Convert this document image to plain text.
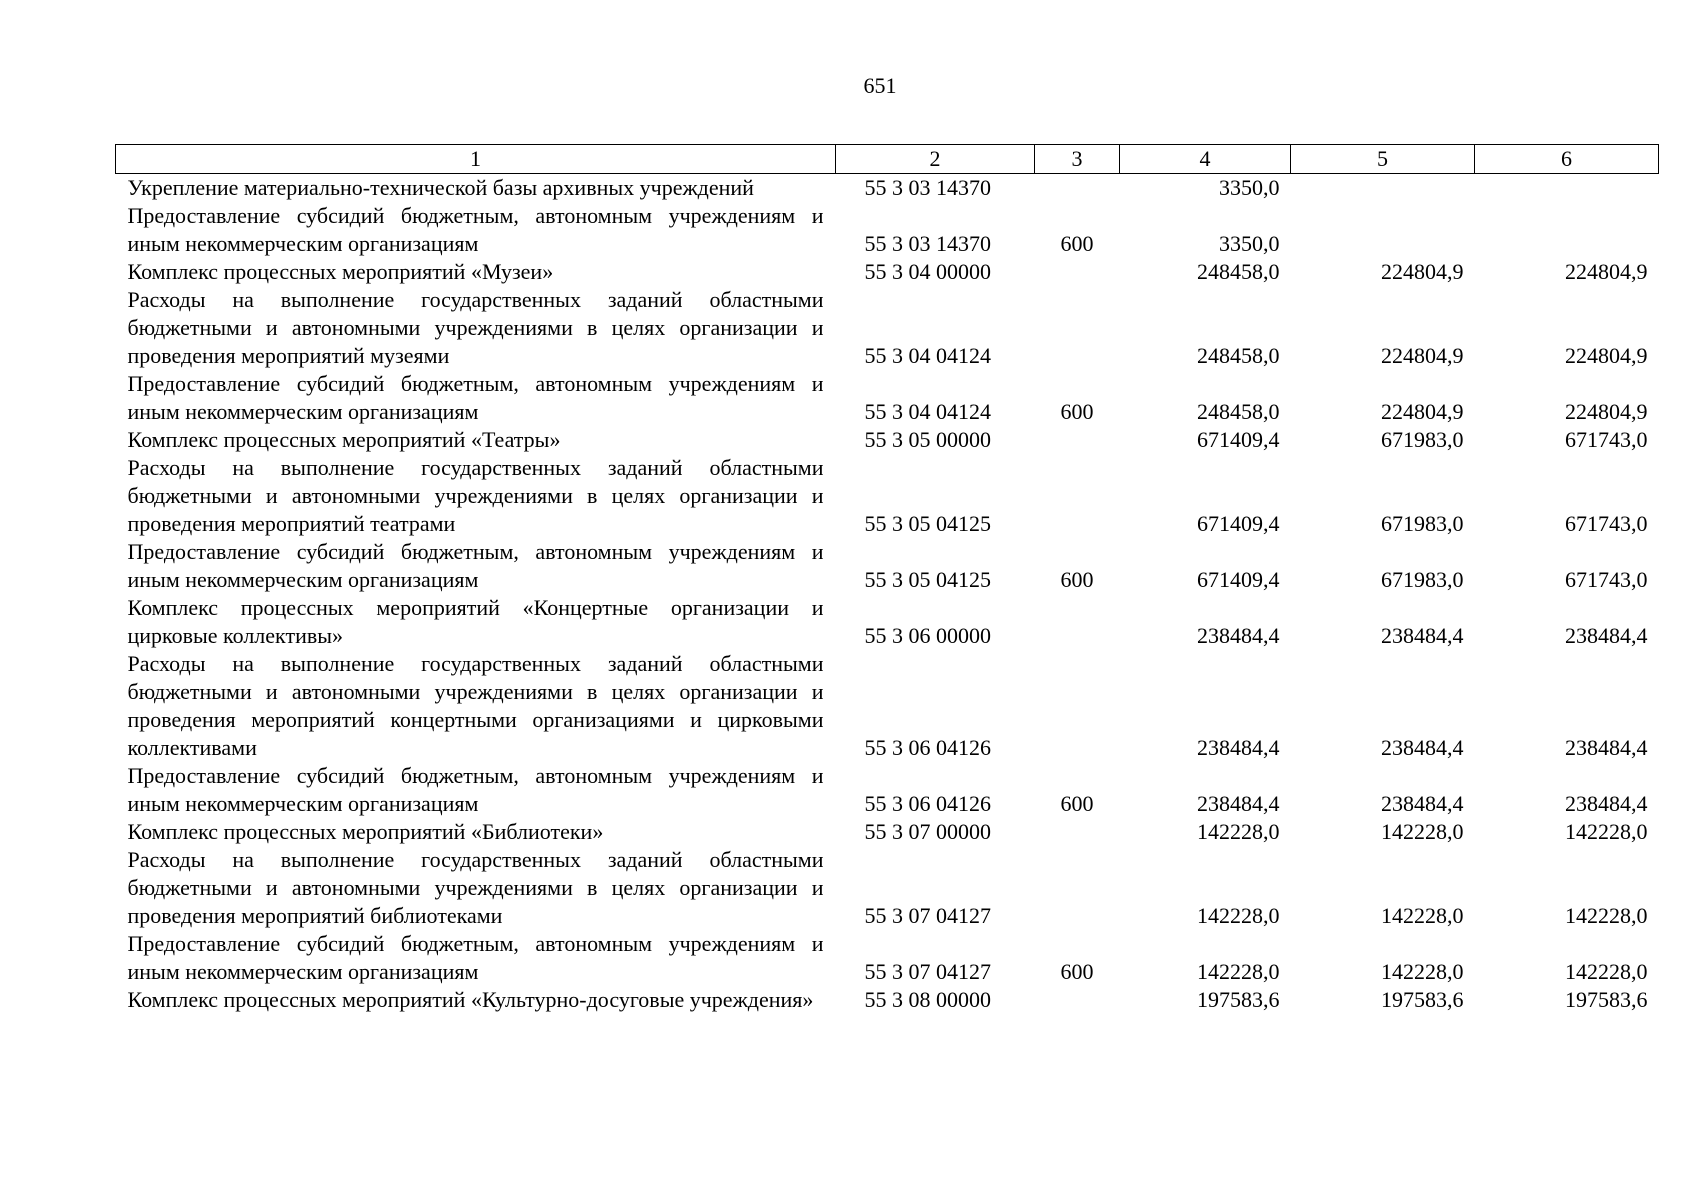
651
1	2	3	4	5	6

Укрепление материально-технической базы архивных учреждений	55 3 03 14370		3350,0		

Предоставление субсидий бюджетным, автономным учреждениям и иным некоммерческим организациям	55 3 03 14370	600	3350,0		

Комплекс процессных мероприятий «Музеи»	55 3 04 00000		248458,0	224804,9	224804,9

Расходы на выполнение государственных заданий областными бюджетными и автономными учреждениями в целях организации и проведения мероприятий музеями	55 3 04 04124		248458,0	224804,9	224804,9

Предоставление субсидий бюджетным, автономным учреждениям и иным некоммерческим организациям	55 3 04 04124	600	248458,0	224804,9	224804,9

Комплекс процессных мероприятий «Театры»	55 3 05 00000		671409,4	671983,0	671743,0

Расходы на выполнение государственных заданий областными бюджетными и автономными учреждениями в целях организации и проведения мероприятий театрами	55 3 05 04125		671409,4	671983,0	671743,0

Предоставление субсидий бюджетным, автономным учреждениям и иным некоммерческим организациям	55 3 05 04125	600	671409,4	671983,0	671743,0

Комплекс процессных мероприятий «Концертные организации и цирковые коллективы»	55 3 06 00000		238484,4	238484,4	238484,4

Расходы на выполнение государственных заданий областными бюджетными и автономными учреждениями в целях организации и проведения мероприятий концертными организациями и цирковыми коллективами	55 3 06 04126		238484,4	238484,4	238484,4

Предоставление субсидий бюджетным, автономным учреждениям и иным некоммерческим организациям	55 3 06 04126	600	238484,4	238484,4	238484,4

Комплекс процессных мероприятий «Библиотеки»	55 3 07 00000		142228,0	142228,0	142228,0

Расходы на выполнение государственных заданий областными бюджетными и автономными учреждениями в целях организации и проведения мероприятий библиотеками	55 3 07 04127		142228,0	142228,0	142228,0

Предоставление субсидий бюджетным, автономным учреждениям и иным некоммерческим организациям	55 3 07 04127	600	142228,0	142228,0	142228,0

Комплекс процессных мероприятий «Культурно-досуговые учреждения»	55 3 08 00000		197583,6	197583,6	197583,6
